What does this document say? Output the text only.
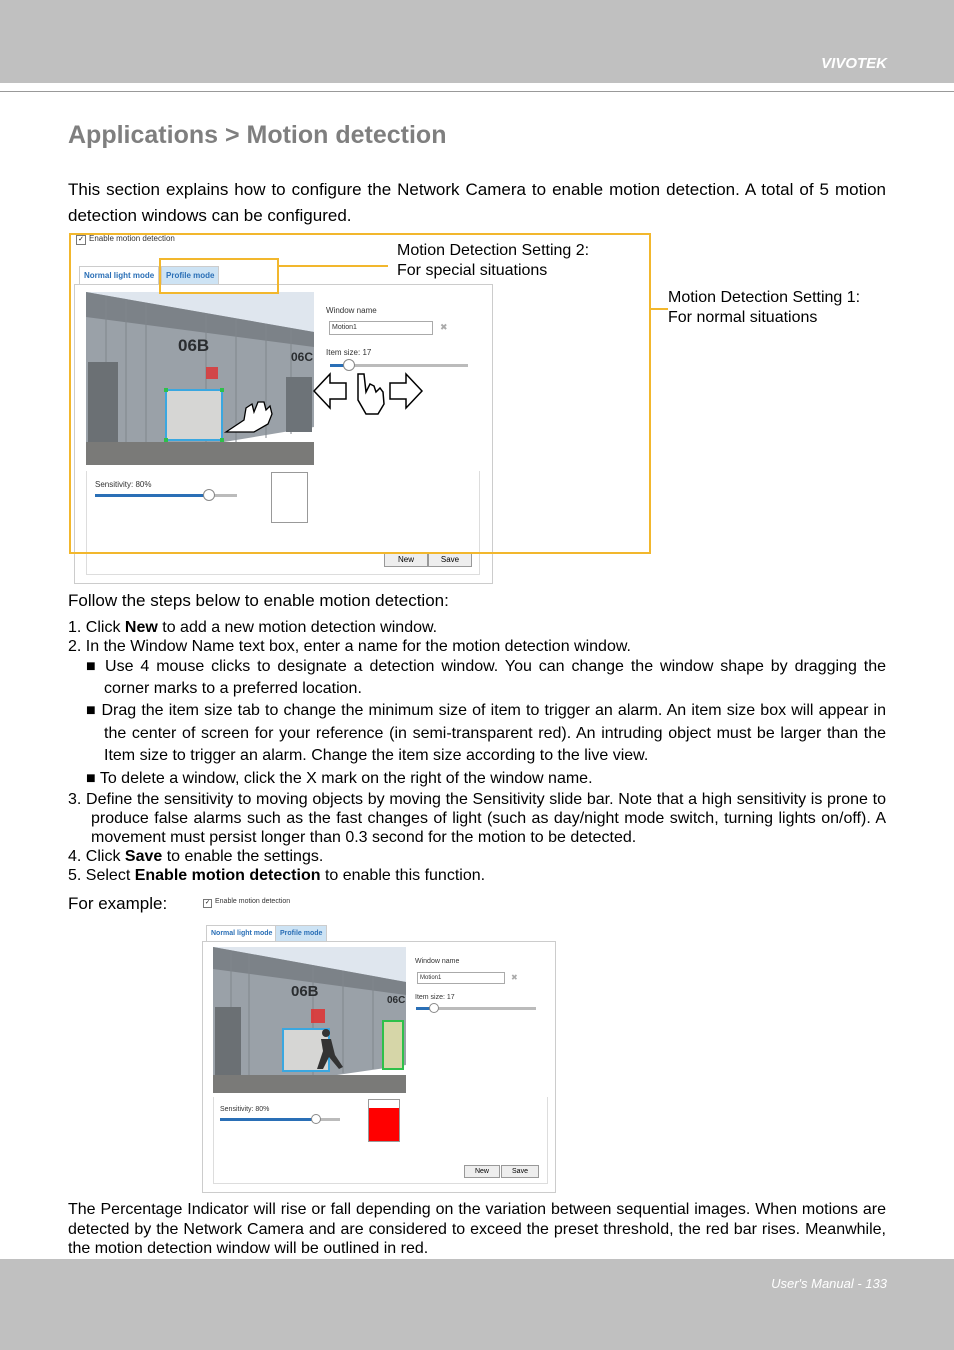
VIVOTEK
User's Manual - 133
Applications > Motion detection
This section explains how to configure the Network Camera to enable motion detection. A total of 5 motion detection windows can be configured.
✓ Enable motion detection
Normal light mode	Profile mode
06B
06C
Window name
Motion1	✖
Item size: 17
Sensitivity: 80%
New	Save
Motion Detection Setting 2:
For special situations
Motion Detection Setting 1:
For normal situations
Follow the steps below to enable motion detection:
1. Click New to add a new motion detection window.
2. In the Window Name text box, enter a name for the motion detection window.
■ Use 4 mouse clicks to designate a detection window. You can change the window shape by dragging the corner marks to a preferred location.
■ Drag the item size tab to change the minimum size of item to trigger an alarm. An item size box will appear in the center of screen for your reference (in semi-transparent red). An intruding object must be larger than the Item size to trigger an alarm. Change the item size according to the live view.
■ To delete a window, click the X mark on the right of the window name.
3. Define the sensitivity to moving objects by moving the Sensitivity slide bar. Note that a high sensitivity is prone to produce false alarms such as the fast changes of light (such as day/night mode switch, turning lights on/off). A movement must persist longer than 0.3 second for the motion to be detected.
4. Click Save to enable the settings.
5. Select Enable motion detection to enable this function.
For example:	✓ Enable motion detection
Normal light mode	Profile mode
06B
06C
Window name
Motion1	✖
Item size: 17
Sensitivity: 80%
New	Save
The Percentage Indicator will rise or fall depending on the variation between sequential images. When motions are detected by the Network Camera and are considered to exceed the preset threshold, the red bar rises. Meanwhile, the motion detection window will be outlined in red.
